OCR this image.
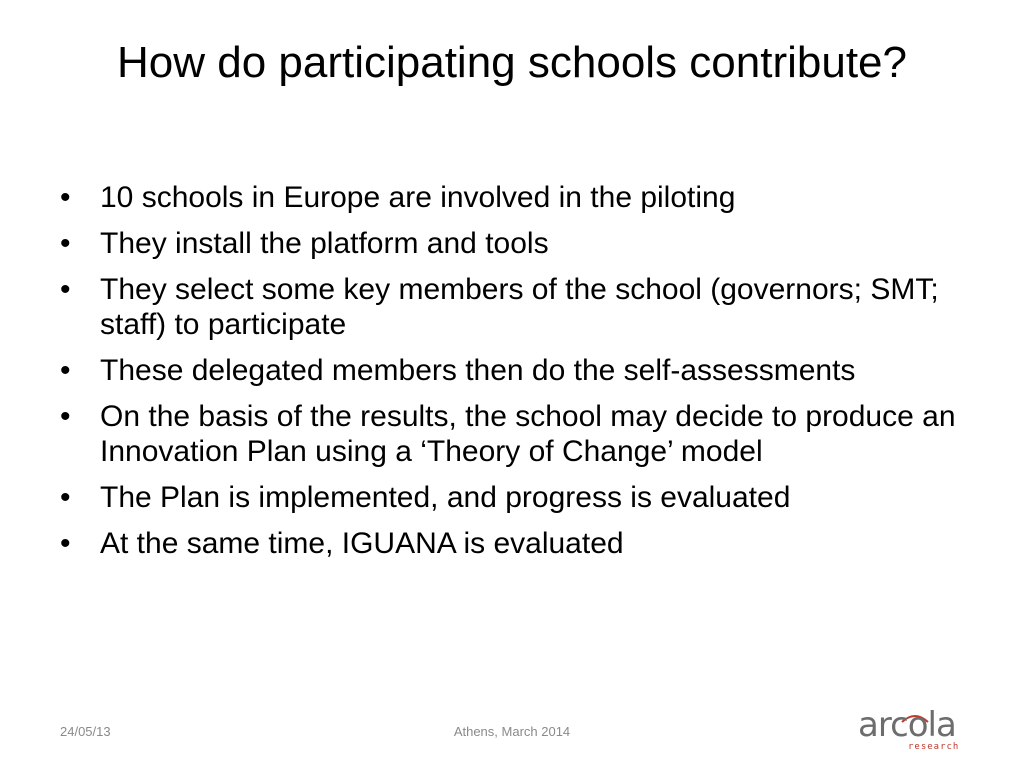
How do participating schools contribute?
• 10 schools in Europe are involved in the piloting
• They install the platform and tools
• They select some key members of the school (governors; SMT; staff) to participate
• These delegated members then do the self-assessments
• On the basis of the results, the school may decide to produce an Innovation Plan using a ‘Theory of Change’ model
• The Plan is implemented, and progress is evaluated
• At the same time, IGUANA is evaluated
24/05/13	Athens, March 2014	arcola
research
